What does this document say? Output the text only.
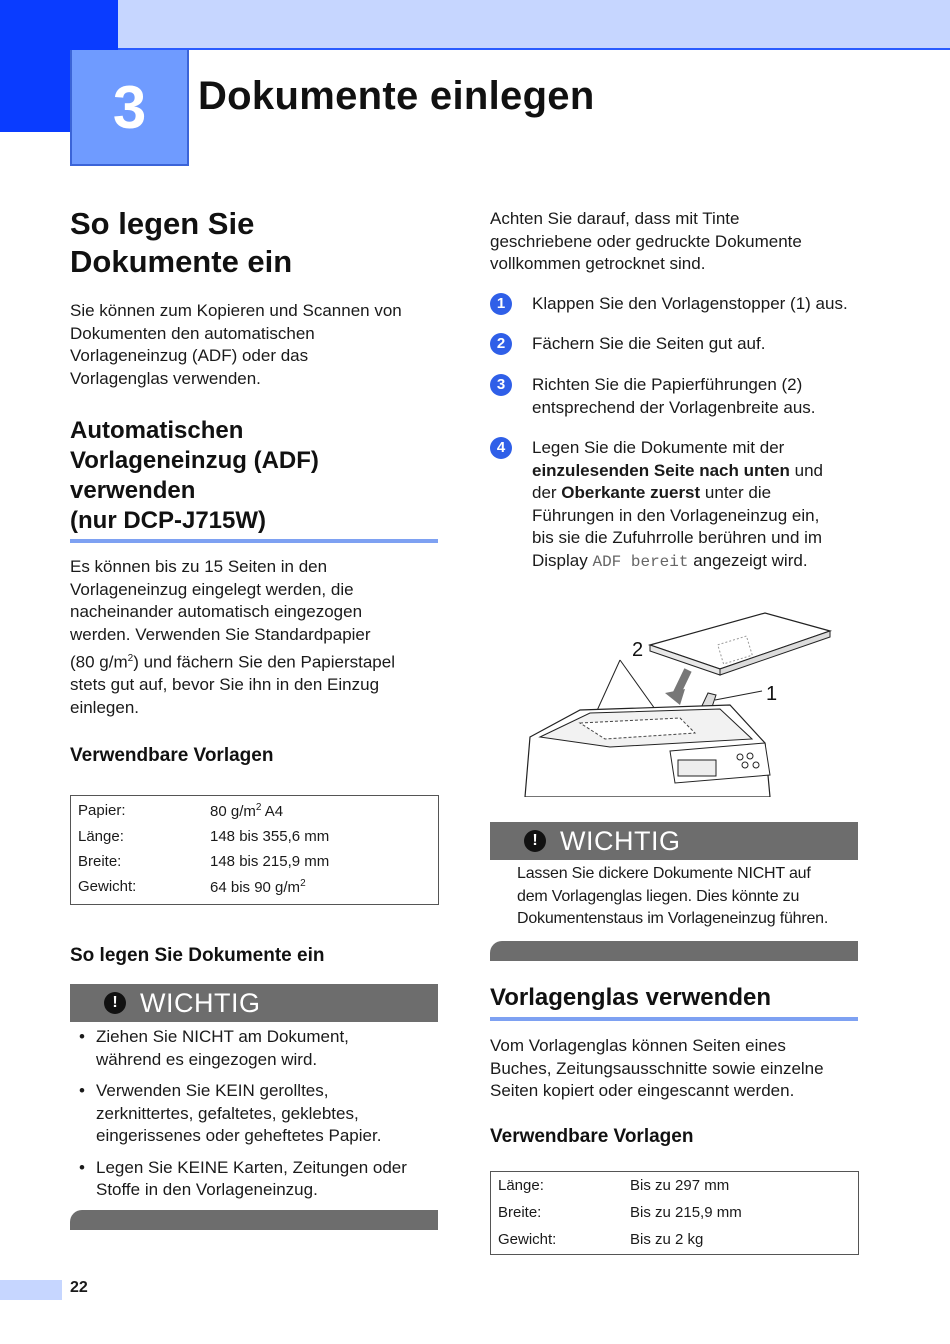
3	Dokumente einlegen
So legen Sie
Dokumente ein
Sie können zum Kopieren und Scannen von
Dokumenten den automatischen
Vorlageneinzug (ADF) oder das
Vorlagenglas verwenden.
Automatischen
Vorlageneinzug (ADF)
verwenden
(nur DCP-J715W)
Es können bis zu 15 Seiten in den
Vorlageneinzug eingelegt werden, die
nacheinander automatisch eingezogen
werden. Verwenden Sie Standardpapier
(80 $g/m^2$) und fächern Sie den Papierstapel
stets gut auf, bevor Sie ihn in den Einzug
einlegen.
Verwendbare Vorlagen
Papier:	80 $g/m^2$ A4
Länge:	148 bis 355,6 mm
Breite:	148 bis 215,9 mm
Gewicht:	64 bis 90 $g/m^2$
So legen Sie Dokumente ein
! WICHTIG
• Ziehen Sie NICHT am Dokument,
während es eingezogen wird.
• Verwenden Sie KEIN gerolltes,
zerknittertes, gefaltetes, geklebtes,
eingerissenes oder geheftetes Papier.
• Legen Sie KEINE Karten, Zeitungen oder
Stoffe in den Vorlageneinzug.
Achten Sie darauf, dass mit Tinte
geschriebene oder gedruckte Dokumente
vollkommen getrocknet sind.
1	Klappen Sie den Vorlagenstopper (1) aus.
2	Fächern Sie die Seiten gut auf.
3	Richten Sie die Papierführungen (2)
entsprechend der Vorlagenbreite aus.
4	Legen Sie die Dokumente mit der
einzulesenden Seite nach unten und
der Oberkante zuerst unter die
Führungen in den Vorlageneinzug ein,
bis sie die Zufuhrrolle berühren und im
Display ADF bereit angezeigt wird.
2
1
! WICHTIG
Lassen Sie dickere Dokumente NICHT auf
dem Vorlagenglas liegen. Dies könnte zu
Dokumentenstaus im Vorlageneinzug führen.
Vorlagenglas verwenden
Vom Vorlagenglas können Seiten eines
Buches, Zeitungsausschnitte sowie einzelne
Seiten kopiert oder eingescannt werden.
Verwendbare Vorlagen
Länge:	Bis zu 297 mm
Breite:	Bis zu 215,9 mm
Gewicht:	Bis zu 2 kg
22
